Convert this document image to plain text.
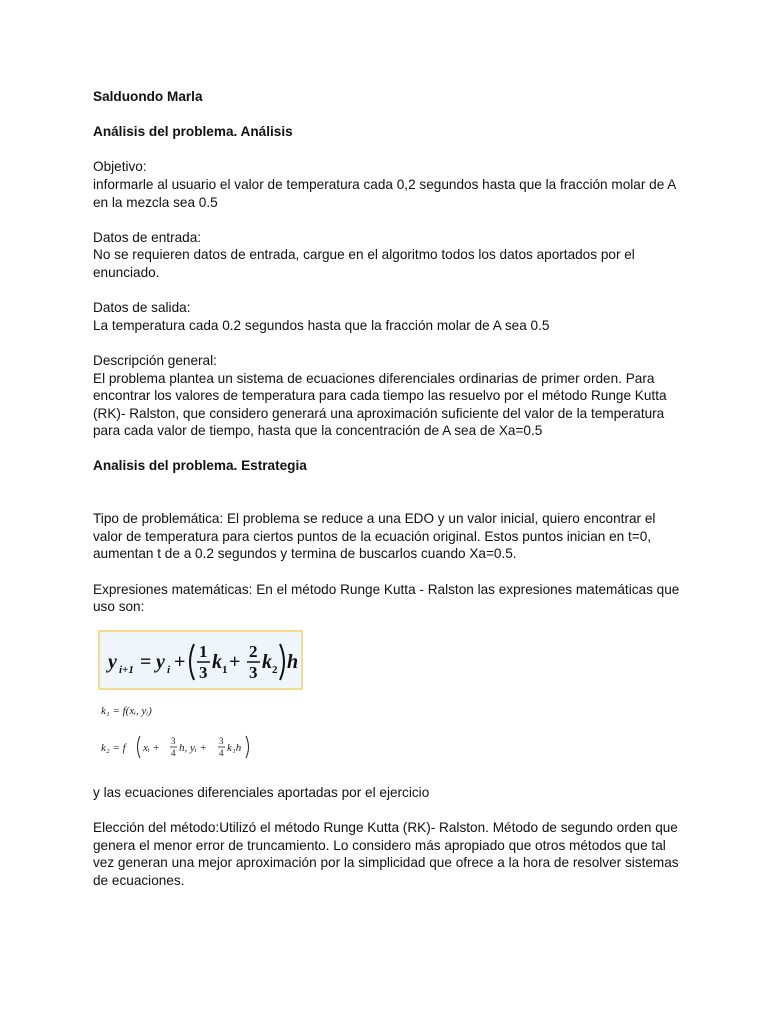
Salduondo Marla

Análisis del problema. Análisis

Objetivo:

informarle al usuario el valor de temperatura cada 0,2 segundos hasta que la fracción molar de A en la mezcla sea 0.5

Datos de entrada:

No se requieren datos de entrada, cargue en el algoritmo todos los datos aportados por el enunciado.

Datos de salida:

La temperatura cada 0.2 segundos hasta que la fracción molar de A sea 0.5

Descripción general:

El problema plantea un sistema de ecuaciones diferenciales ordinarias de primer orden. Para encontrar los valores de temperatura para cada tiempo las resuelvo por el método Runge Kutta (RK)- Ralston, que considero generará una aproximación suficiente del valor de la temperatura para cada valor de tiempo, hasta que la concentración de A sea de Xa=0.5

Analisis del problema. Estrategia

Tipo de problemática: El problema se reduce a una EDO y un valor inicial, quiero encontrar el valor de temperatura para ciertos puntos de la ecuación original. Estos puntos inician en t=0, aumentan t de a 0.2 segundos y termina de buscarlos cuando Xa=0.5.

Expresiones matemáticas: En el método Runge Kutta - Ralston las expresiones matemáticas que uso son:

y i+1 = y i + 1
3 k 1 + 2
3 k 2 h
k₁ = f(xᵢ, yᵢ)
k₂ = f xᵢ +
3
4 h, yᵢ +
3
4 k₁h

y las ecuaciones diferenciales aportadas por el ejercicio

Elección del método:Utilizó el método Runge Kutta (RK)- Ralston. Método de segundo orden que genera el menor error de truncamiento. Lo considero más apropiado que otros métodos que tal vez generan una mejor aproximación por la simplicidad que ofrece a la hora de resolver sistemas de ecuaciones.
